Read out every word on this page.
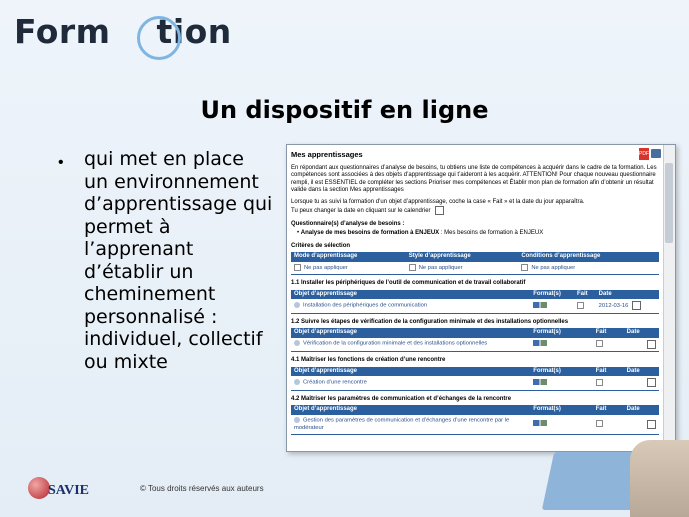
Form tion
Un dispositif en ligne
• qui met en place un environnement d’apprentissage qui permet à l’apprenant d’établir un cheminement personnalisé : individuel, collectif ou mixte
PDF
Mes apprentissages

En répondant aux questionnaires d’analyse de besoins, tu obtiens une liste de compétences à acquérir dans le cadre de ta formation. Les compétences sont associées à des objets d’apprentissage qui t’aideront à les acquérir. ATTENTION! Pour chaque nouveau questionnaire rempli, il est ESSENTIEL de compléter les sections Prioriser mes compétences et Établir mon plan de formation afin d’obtenir un résultat valide dans la section Mes apprentissages

Lorsque tu as suivi la formation d’un objet d’apprentissage, coche la case « Fait » et la date du jour apparaîtra.

Tu peux changer la date en cliquant sur le calendrier

Questionnaire(s) d’analyse de besoins :

• Analyse de mes besoins de formation à ENJEUX : Mes besoins de formation à ENJEUX

Critères de sélection
Mode d’apprentissage	Style d’apprentissage	Conditions d’apprentissage
Ne pas appliquer	Ne pas appliquer	Ne pas appliquer
1.1 Installer les périphériques de l’outil de communication et de travail collaboratif
Objet d’apprentissage	Format(s)	Fait	Date
Installation des périphériques de communication			2012-03-16
1.2 Suivre les étapes de vérification de la configuration minimale et des installations optionnelles
Objet d’apprentissage	Format(s)	Fait	Date
Vérification de la configuration minimale et des installations optionnelles			
4.1 Maîtriser les fonctions de création d’une rencontre
Objet d’apprentissage	Format(s)	Fait	Date
Création d’une rencontre			
4.2 Maîtriser les paramètres de communication et d’échanges de la rencontre
Objet d’apprentissage	Format(s)	Fait	Date
Gestion des paramètres de communication et d’échanges d’une rencontre par le modérateur			
SAVIE	© Tous droits réservés aux auteurs
